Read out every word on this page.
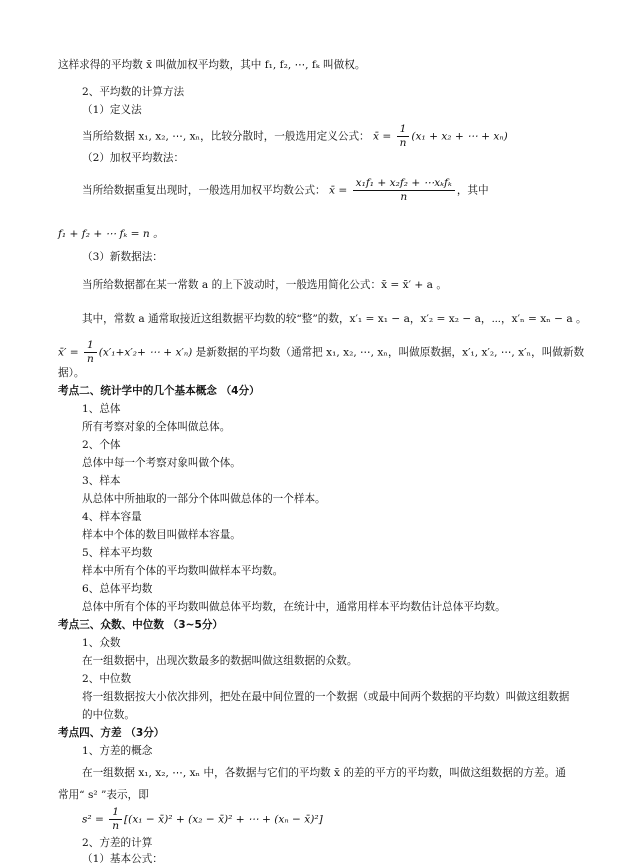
这样求得的平均数 x̄ 叫做加权平均数，其中 f₁, f₂, ⋯, fₖ 叫做权。
2、平均数的计算方法
（1）定义法
当所给数据 x₁, x₂, ⋯, xₙ，比较分散时，一般选用定义公式： x̄ = $\frac{1}{n} (x_1 + x_2$ + ⋯ + xₙ)
（2）加权平均数法：
当所给数据重复出现时，一般选用加权平均数公式： x̄ = $\frac{\text{x₁f₁ + x₂f₂ + ⋯xₖfₖ}}{n}$ ，其中
f₁ + f₂ + ⋯ fₖ = n 。
（3）新数据法：
当所给数据都在某一常数 a 的上下波动时，一般选用简化公式：x̄ = x̄′ + a 。
其中，常数 a 通常取接近这组数据平均数的较“整”的数，x′₁ = x₁ − a，x′₂ = x₂ − a，⋯，x′ₙ = xₙ − a 。
x̄′ = $\frac{1}{n} (x'_1+x'_2+$ ⋯ + x′ₙ) 是新数据的平均数（通常把 x₁, x₂, ⋯, xₙ，叫做原数据，x′₁, x′₂, ⋯, x′ₙ，叫做新数
据）。
考点二、统计学中的几个基本概念 （4分）
1、总体
所有考察对象的全体叫做总体。
2、个体
总体中每一个考察对象叫做个体。
3、样本
从总体中所抽取的一部分个体叫做总体的一个样本。
4、样本容量
样本中个体的数目叫做样本容量。
5、样本平均数
样本中所有个体的平均数叫做样本平均数。
6、总体平均数
总体中所有个体的平均数叫做总体平均数，在统计中，通常用样本平均数估计总体平均数。
考点三、众数、中位数 （3~5分）
1、众数
在一组数据中，出现次数最多的数据叫做这组数据的众数。
2、中位数
将一组数据按大小依次排列，把处在最中间位置的一个数据（或最中间两个数据的平均数）叫做这组数据
的中位数。
考点四、方差 （3分）
1、方差的概念
在一组数据 x₁, x₂, ⋯, xₙ 中，各数据与它们的平均数 x̄ 的差的平方的平均数，叫做这组数据的方差。通
常用“ s² ”表示，即
$s^2 = \frac{1}{n} [(x_1$ − x̄)² + (x₂ − x̄)² + ⋯ + (xₙ − x̄)²]
2、方差的计算
（1）基本公式：
